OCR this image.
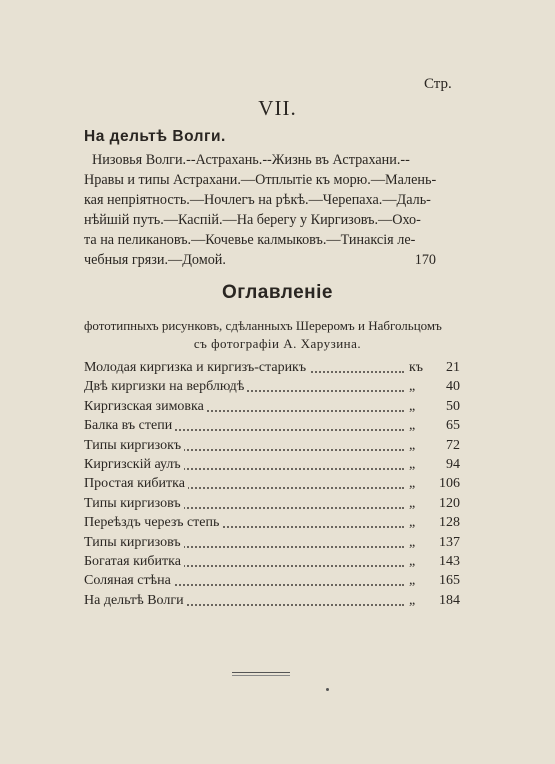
Стр.
VII.
На дельтѣ Волги.
Низовья Волги.--Астрахань.--Жизнь въ Астрахани.--
Нравы и типы Астрахани.—Отплытіе къ морю.—Малень-
кая непріятность.—Ночлегъ на рѣкѣ.—Черепаха.—Даль-
нѣйшій путь.—Каспій.—На берегу у Киргизовъ.—Охо-
та на пеликановъ.—Кочевье калмыковъ.—Тинаксія ле-
чебныя грязи.—Домой.	170
Оглавленіе
фототипныхъ рисунковъ, сдѣланныхъ Шереромъ и Набгольцомъ
съ фотографіи А. Харузина.
Молодая киргизка и киргизъ-старикъ	къ 21
Двѣ киргизки на верблюдѣ	„ 40
Киргизская зимовка	„ 50
Балка въ степи	„ 65
Типы киргизокъ	„ 72
Киргизскій аулъ	„ 94
Простая кибитка	„ 106
Типы киргизовъ	„ 120
Переѣздъ черезъ степь	„ 128
Типы киргизовъ	„ 137
Богатая кибитка	„ 143
Соляная стѣна	„ 165
На дельтѣ Волги	„ 184
